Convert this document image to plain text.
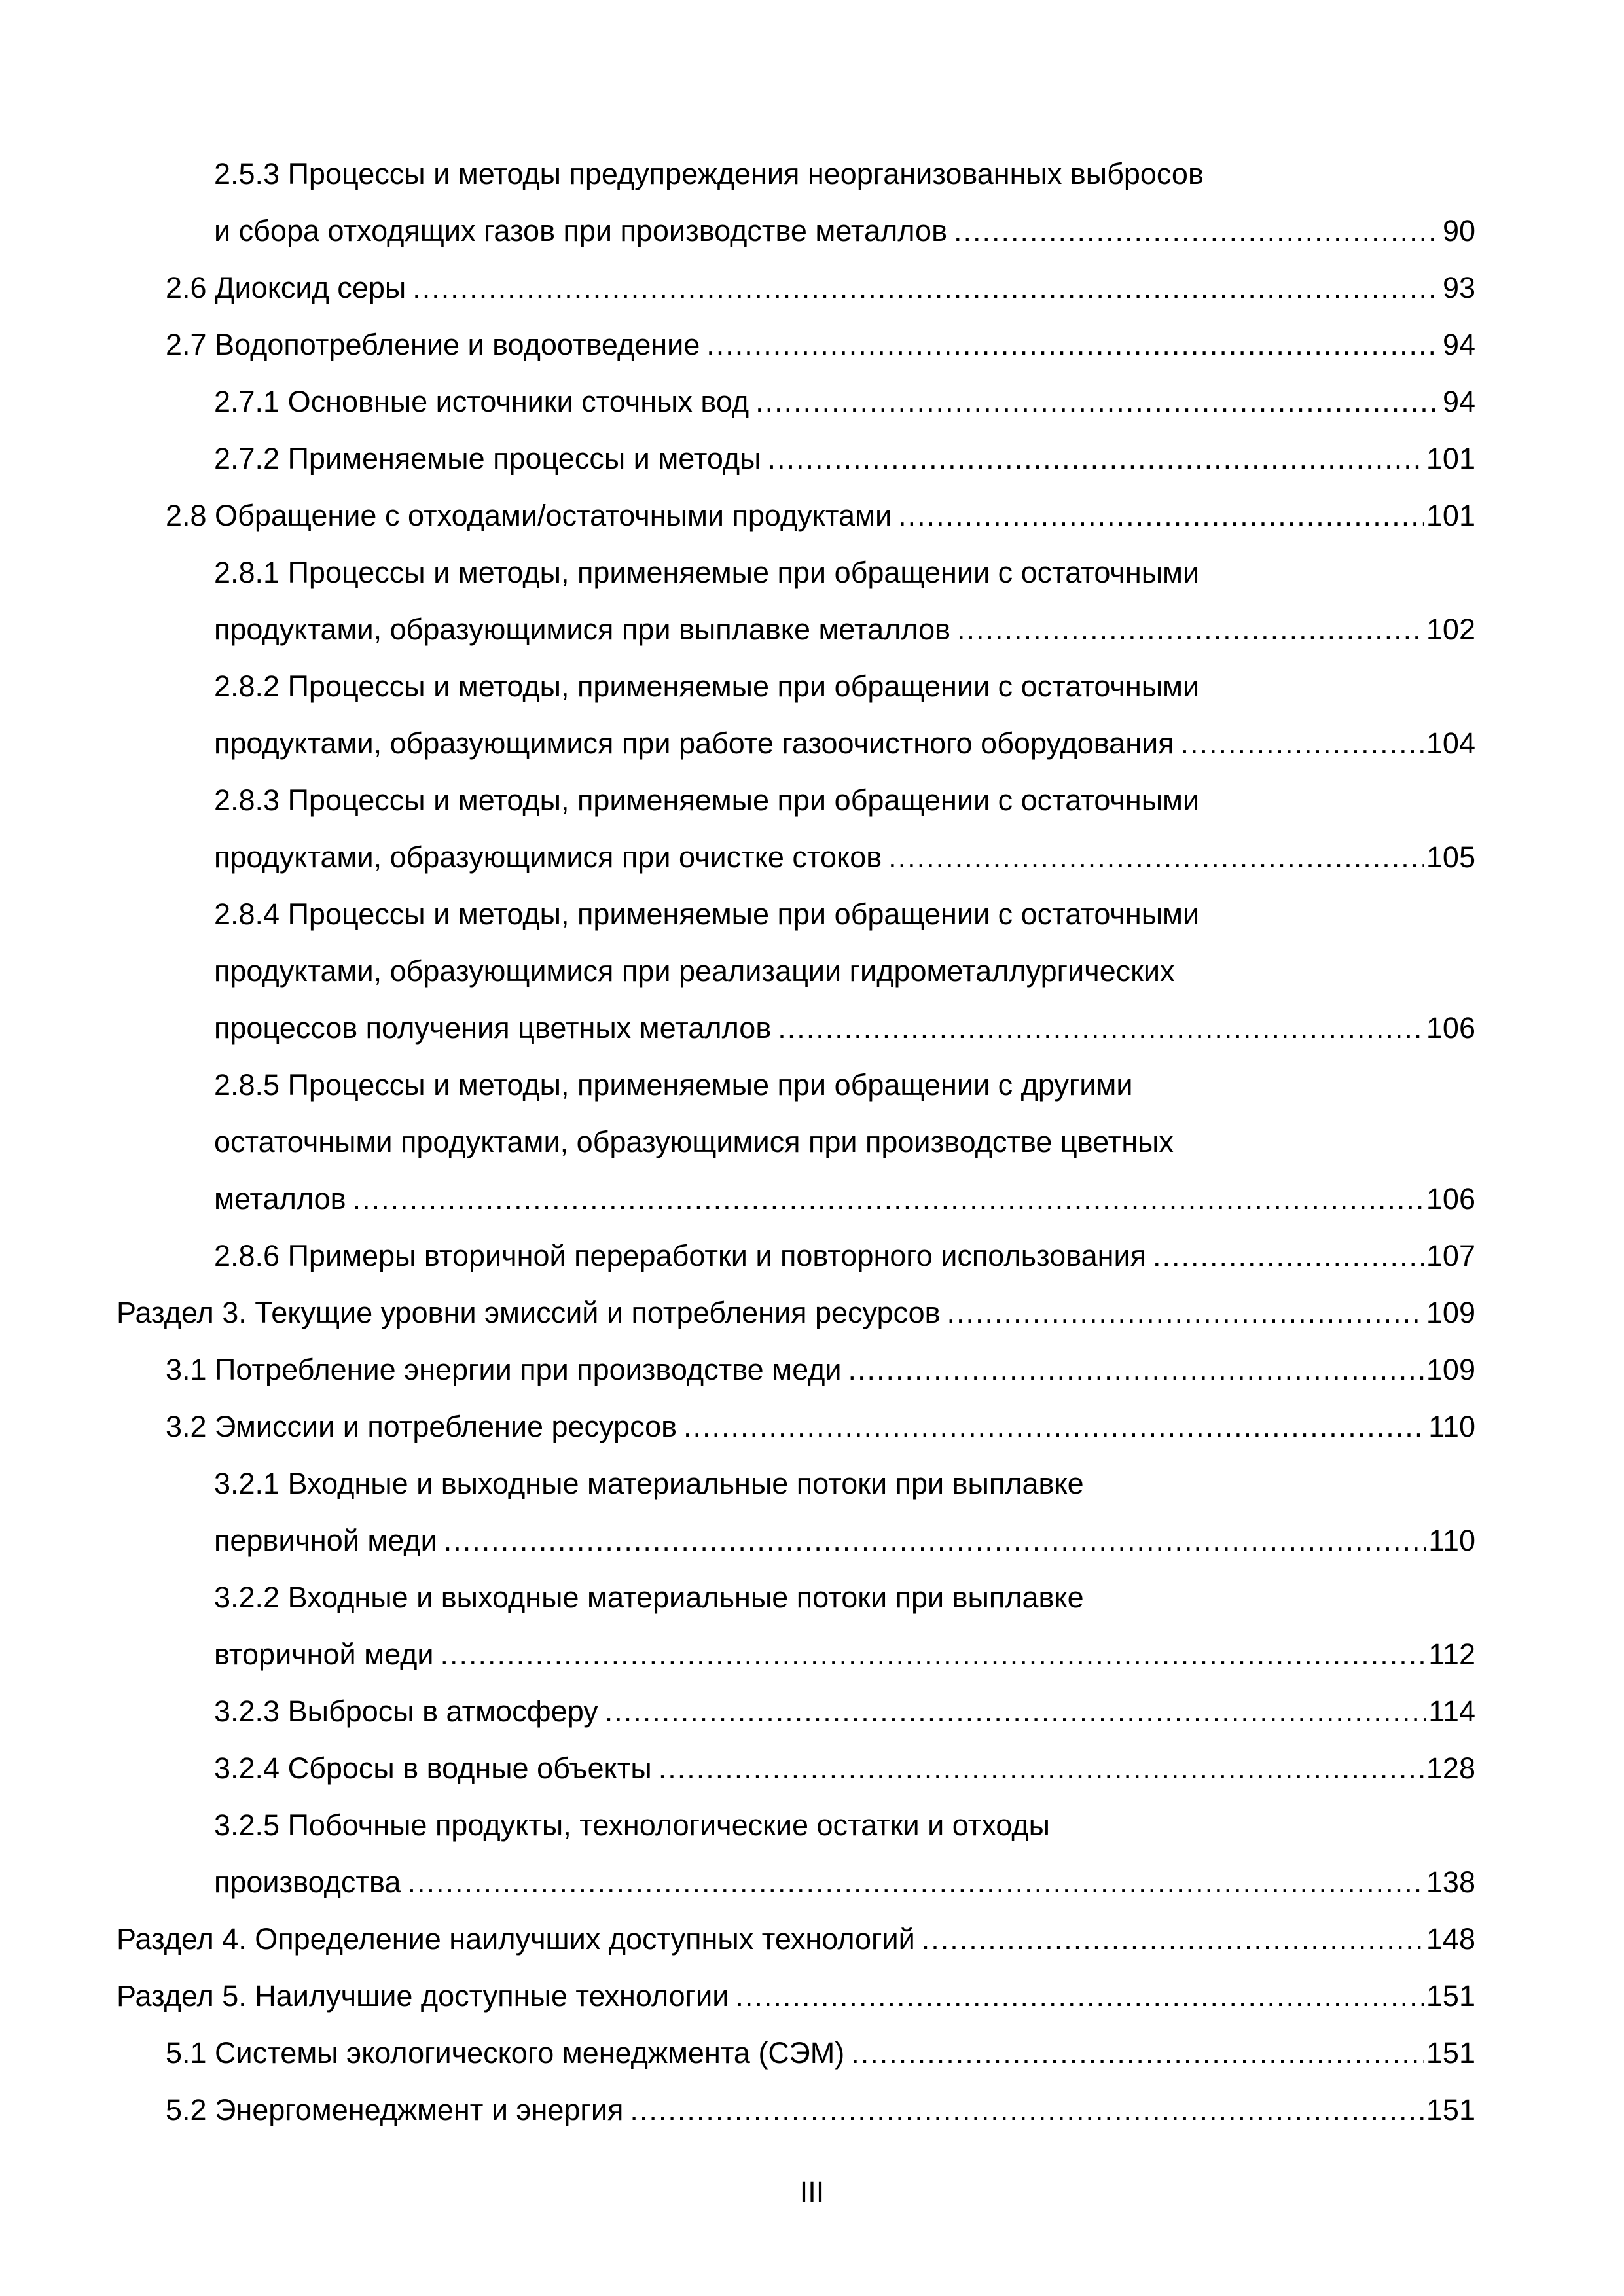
2.5.3 Процессы и методы предупреждения неорганизованных выбросов
и сбора отходящих газов при производстве металлов .....	90
2.6 Диоксид серы .....	93
2.7 Водопотребление и водоотведение .....	94
2.7.1 Основные источники сточных вод .....	94
2.7.2 Применяемые процессы и методы .....	101
2.8 Обращение с отходами/остаточными продуктами .....	101
2.8.1 Процессы и методы, применяемые при обращении с остаточными
продуктами, образующимися при выплавке металлов .....	102
2.8.2 Процессы и методы, применяемые при обращении с остаточными
продуктами, образующимися при работе газоочистного оборудования .....	104
2.8.3 Процессы и методы, применяемые при обращении с остаточными
продуктами, образующимися при очистке стоков .....	105
2.8.4 Процессы и методы, применяемые при обращении с остаточными
продуктами, образующимися при реализации гидрометаллургических
процессов получения цветных металлов .....	106
2.8.5 Процессы и методы, применяемые при обращении с другими
остаточными продуктами, образующимися при производстве цветных
металлов .....	106
2.8.6 Примеры вторичной переработки и повторного использования .....	107
Раздел 3. Текущие уровни эмиссий и потребления ресурсов .....	109
3.1 Потребление энергии при производстве меди .....	109
3.2 Эмиссии и потребление ресурсов .....	110
3.2.1 Входные и выходные материальные потоки при выплавке
первичной меди .....	110
3.2.2 Входные и выходные материальные потоки при выплавке
вторичной меди .....	112
3.2.3 Выбросы в атмосферу .....	114
3.2.4 Сбросы в водные объекты .....	128
3.2.5 Побочные продукты, технологические остатки и отходы
производства .....	138
Раздел 4. Определение наилучших доступных технологий .....	148
Раздел 5. Наилучшие доступные технологии .....	151
5.1 Системы экологического менеджмента (СЭМ) .....	151
5.2 Энергоменеджмент и энергия .....	151
III
